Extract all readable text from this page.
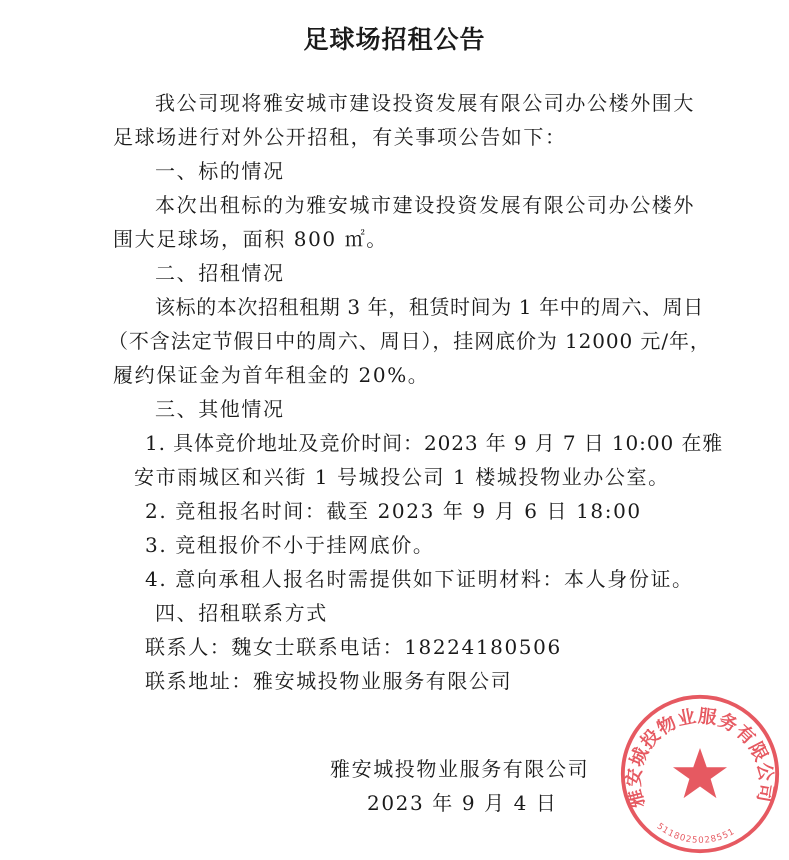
足球场招租公告
我公司现将雅安城市建设投资发展有限公司办公楼外围大
足球场进行对外公开招租，有关事项公告如下：
一、标的情况
本次出租标的为雅安城市建设投资发展有限公司办公楼外
围大足球场，面积 800 ㎡。
二、招租情况
该标的本次招租租期 3 年，租赁时间为 1 年中的周六、周日
（不含法定节假日中的周六、周日），挂网底价为 12000 元/年，
履约保证金为首年租金的 20%。
三、其他情况
1. 具体竞价地址及竞价时间：2023 年 9 月 7 日 10:00 在雅
安市雨城区和兴街 1 号城投公司 1 楼城投物业办公室。
2. 竞租报名时间：截至 2023 年 9 月 6 日 18:00
3. 竞租报价不小于挂网底价。
4. 意向承租人报名时需提供如下证明材料：本人身份证。
四、招租联系方式
联系人：魏女士联系电话：18224180506
联系地址：雅安城投物业服务有限公司
雅安城投物业服务有限公司
2023 年 9 月 4 日	雅安城投物业服务有限公司
5118025028551
